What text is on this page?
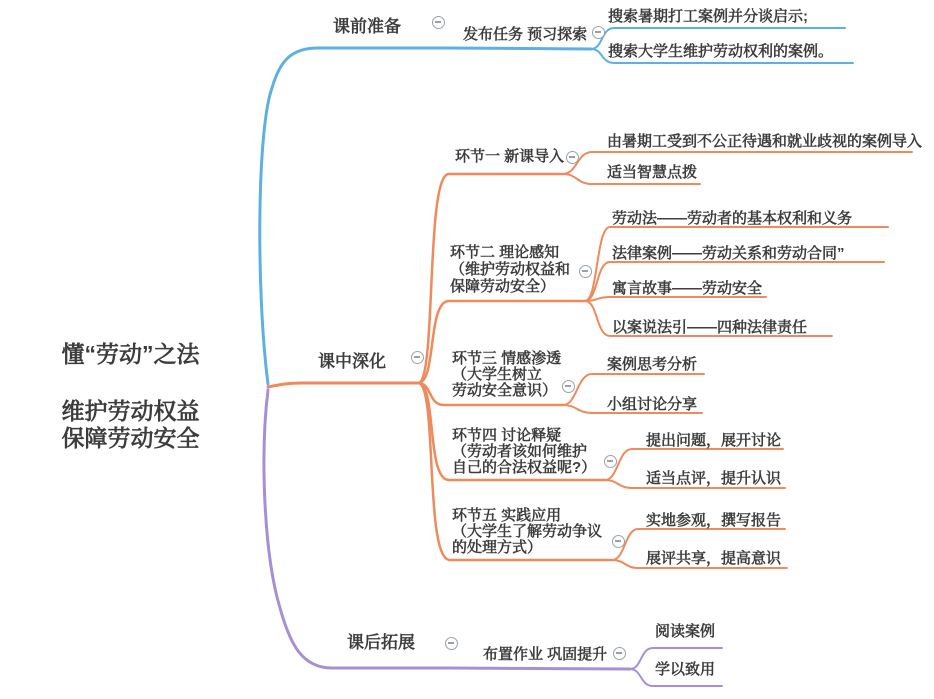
懂“劳动”之法
维护劳动权益
保障劳动安全
课前准备	发布任务 预习探索
搜索暑期打工案例并分谈启示;
搜索大学生维护劳动权利的案例。
课中深化
环节一 新课导入
由暑期工受到不公正待遇和就业歧视的案例导入
适当智慧点拨
环节二 理论感知
（维护劳动权益和
保障劳动安全）
劳动法——劳动者的基本权利和义务
法律案例——劳动关系和劳动合同”
寓言故事——劳动安全
以案说法引——四种法律责任
环节三 情感渗透
（大学生树立
劳动安全意识）
案例思考分析
小组讨论分享
环节四 讨论释疑
（劳动者该如何维护
自己的合法权益呢?）
提出问题，展开讨论
适当点评，提升认识
环节五 实践应用
（大学生了解劳动争议
的处理方式）
实地参观，撰写报告
展评共享，提高意识
课后拓展
布置作业 巩固提升
阅读案例
学以致用
